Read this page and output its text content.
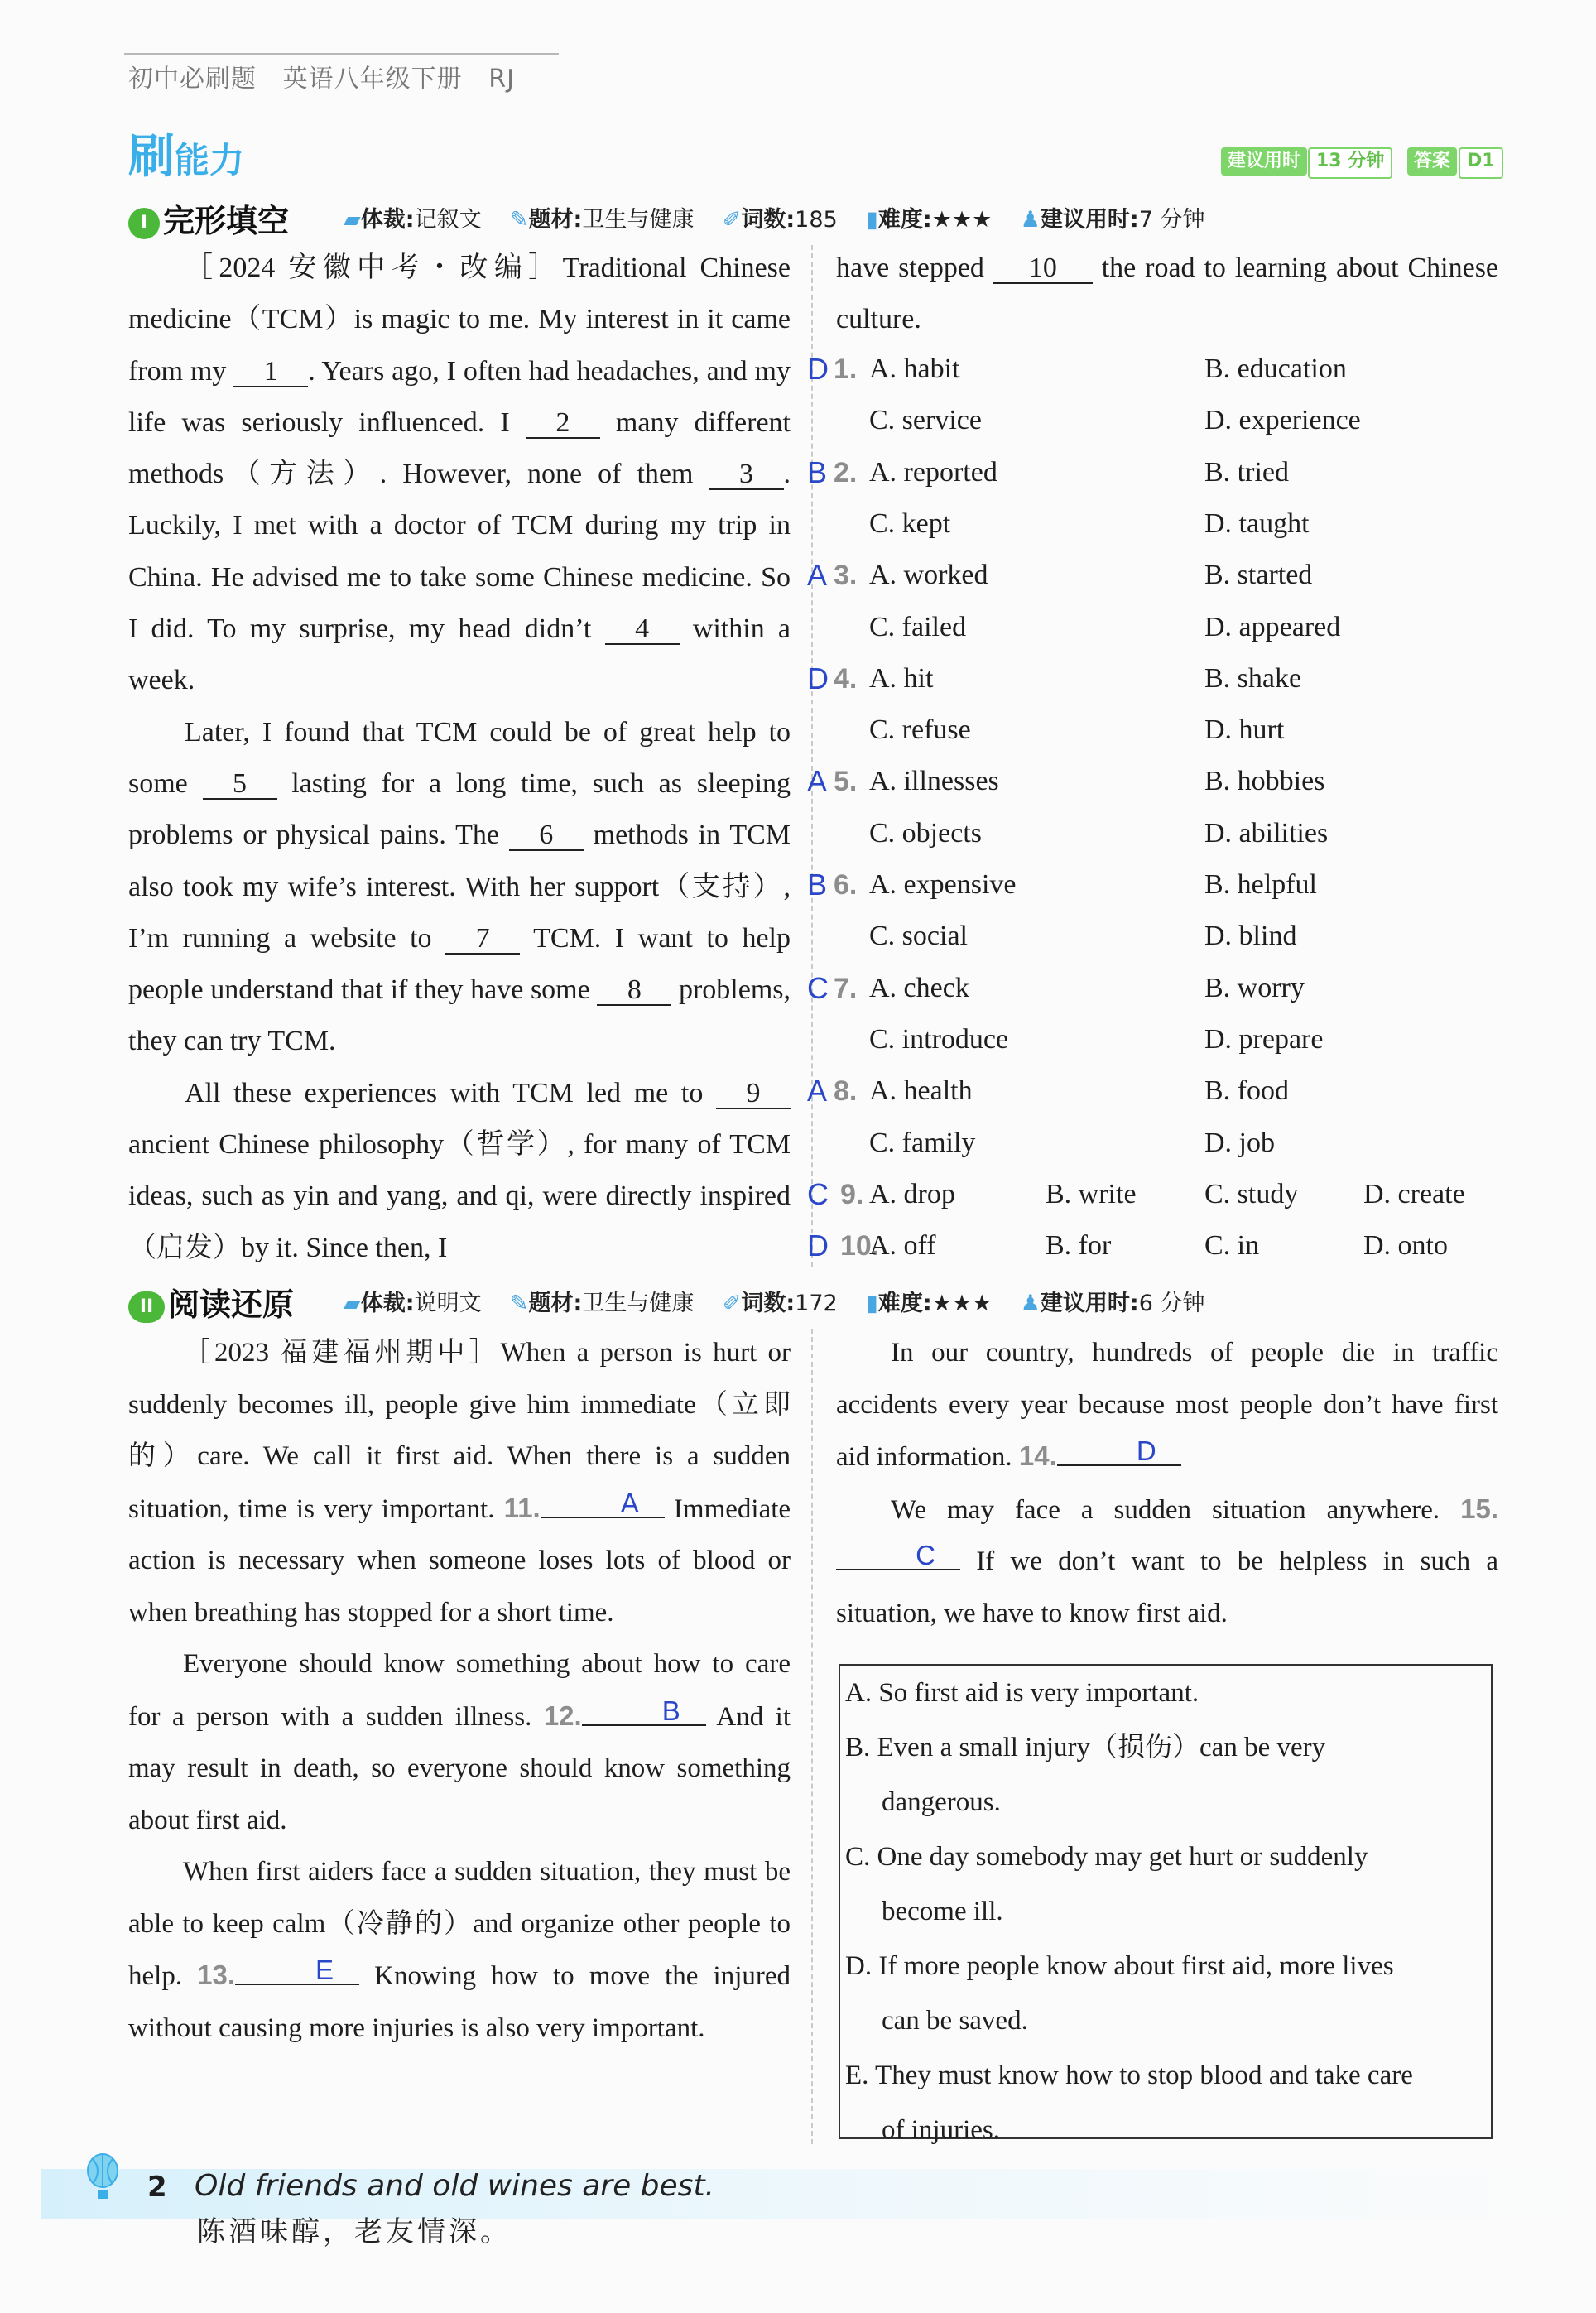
初中必刷题 英语八年级下册 RJ
刷能力	建议用时 13 分钟	答案 D1
I 完形填空 ▰体裁:记叙文 ✎题材:卫生与健康 ✐词数:185 ▮难度:★★★ ♟建议用时:7 分钟

［2024 安徽中考・改编］Traditional Chinese medicine（TCM）is magic to me. My interest in it came from my 1 . Years ago, I often had headaches, and my life was seriously influenced. I 2 many different methods（方法）. However, none of them 3 . Luckily, I met with a doctor of TCM during my trip in China. He advised me to take some Chinese medicine. So I did. To my surprise, my head didn’t 4 within a week.

Later, I found that TCM could be of great help to some 5 lasting for a long time, such as sleeping problems or physical pains. The 6 methods in TCM also took my wife’s interest. With her support（支持）, I’m running a website to 7 TCM. I want to help people understand that if they have some 8 problems, they can try TCM.

All these experiences with TCM led me to 9 ancient Chinese philosophy（哲学）, for many of TCM ideas, such as yin and yang, and qi, were directly inspired（启发）by it. Since then, I

have stepped 10 the road to learning about Chinese culture.

D 1. A. habit	B. education
C. service	D. experience
B 2. A. reported	B. tried
C. kept	D. taught
A 3. A. worked	B. started
C. failed	D. appeared
D 4. A. hit	B. shake
C. refuse	D. hurt
A 5. A. illnesses	B. hobbies
C. objects	D. abilities
B 6. A. expensive	B. helpful
C. social	D. blind
C 7. A. check	B. worry
C. introduce	D. prepare
A 8. A. health	B. food
C. family	D. job
C 9. A. drop	B. write C. study D. create
D 10.
A. off	B. for	C. in	D. onto
II 阅读还原 ▰体裁:说明文 ✎题材:卫生与健康 ✐词数:172 ▮难度:★★★ ♟建议用时:6 分钟

［2023 福建福州期中］When a person is hurt or suddenly becomes ill, people give him immediate（立即的）care. We call it first aid. When there is a sudden situation, time is very important. 11.	A Immediate action is necessary when someone loses lots of blood or when breathing has stopped for a short time.

Everyone should know something about how to care for a person with a sudden illness. 12.	B And it may result in death, so everyone should know something about first aid.

When first aiders face a sudden situation, they must be able to keep calm（冷静的）and organize other people to help. 13.	E Knowing how to move the injured without causing more injuries is also very important.

In our country, hundreds of people die in traffic accidents every year because most people don’t have first aid information. 14.	D

We may face a sudden situation anywhere. 15.C If we don’t want to be helpless in such a situation, we have to know first aid.

A. So first aid is very important.
B. Even a small injury（损伤）can be very
dangerous.
C. One day somebody may get hurt or suddenly
become ill.
D. If more people know about first aid, more lives
can be saved.
E. They must know how to stop blood and take care
of injuries.
2 Old friends and old wines are best.
陈酒味醇，老友情深。
